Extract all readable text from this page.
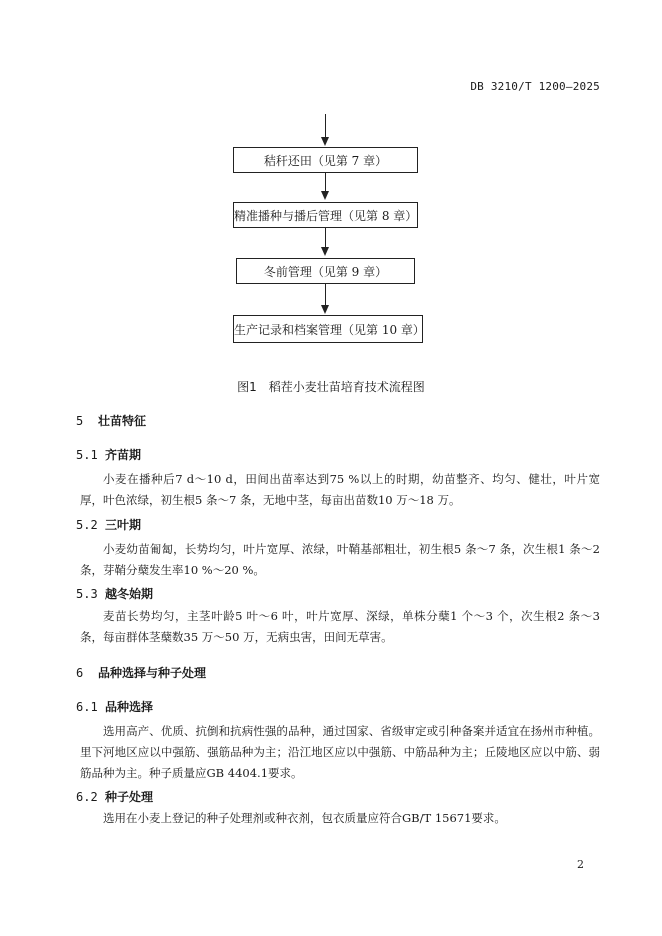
DB 3210/T 1200—2025
秸秆还田（见第 7 章）
精准播种与播后管理（见第 8 章）
冬前管理（见第 9 章）
生产记录和档案管理（见第 10 章）
图1　稻茬小麦壮苗培育技术流程图
5 壮苗特征
5.1 齐苗期

小麦在播种后7 d～10 d，田间出苗率达到75 %以上的时期，幼苗整齐、均匀、健壮，叶片宽厚，叶色浓绿，初生根5 条～7 条，无地中茎，每亩出苗数10 万～18 万。

5.2 三叶期

小麦幼苗匍匐，长势均匀，叶片宽厚、浓绿，叶鞘基部粗壮，初生根5 条～7 条，次生根1 条～2条，芽鞘分蘖发生率10 %～20 %。

5.3 越冬始期

麦苗长势均匀，主茎叶龄5 叶～6 叶，叶片宽厚、深绿，单株分蘖1 个～3 个，次生根2 条～3 条，每亩群体茎蘖数35 万～50 万，无病虫害，田间无草害。

6 品种选择与种子处理
6.1 品种选择

选用高产、优质、抗倒和抗病性强的品种，通过国家、省级审定或引种备案并适宜在扬州市种植。里下河地区应以中强筋、强筋品种为主；沿江地区应以中强筋、中筋品种为主；丘陵地区应以中筋、弱筋品种为主。种子质量应GB 4404.1要求。

6.2 种子处理

选用在小麦上登记的种子处理剂或种衣剂，包衣质量应符合GB/T 15671要求。

2
